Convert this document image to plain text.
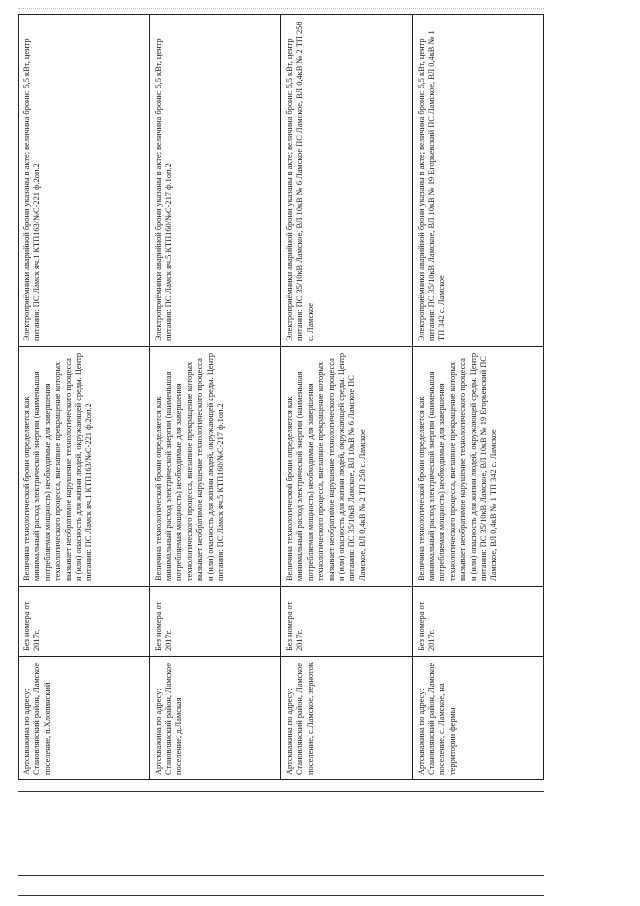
Артскважина по адресу: Становлянский район, Ламское поселение, п.Хлопинский
Без номера от 2017г.
Величина технологической брони определяется как минимальный расход электрической энергии (наименьшая потребляемая мощность) необходимые для завершения технологического процесса, внезапное прекращение которых вызывает необратимое нарушение технологического процесса и (или) опасность для жизни людей, окружающей среды. Центр питания: ПС Ламск яч.1 КТП163/№С-221 ф.2оп.2
Электроприёмники аварийной брони указаны в акте; величина брони: 5,5 кВт, центр питания: ПС Ламск яч.1 КТП163/№С-221 ф.2оп.2
Артскважина по адресу: Становлянский район, Ламское поселение, д.Ламская
Без номера от 2017г.
Величина технологической брони определяется как минимальный расход электрической энергии (наименьшая потребляемая мощность) необходимые для завершения технологического процесса, внезапное прекращение которых вызывает необратимое нарушение технологического процесса и (или) опасность для жизни людей, окружающей среды. Центр питания: ПС Ламск яч.5 КТП160/№С-217 ф.1оп.2
Электроприёмники аварийной брони указаны в акте; величина брони: 5,5 кВт, центр питания: ПС Ламск яч.5 КТП160/№С-217 ф.1оп.2
Артскважина по адресу: Становлянский район, Ламское поселение, с.Ламское, зерноток
Без номера от 2017г.
Величина технологической брони определяется как минимальный расход электрической энергии (наименьшая потребляемая мощность) необходимые для завершения технологического процесса, внезапное прекращение которых вызывает необратимое нарушение технологического процесса и (или) опасность для жизни людей, окружающей среды. Центр питания: ПС 35/10кВ Ламское, ВЛ 10кВ № 6 Ламское ПС Ламское, ВЛ 0,4кВ № 2 ТП 258 с. Ламское
Электроприёмники аварийной брони указаны в акте; величина брони: 5,5 кВт, центр питания: ПС 35/10кВ Ламское, ВЛ 10кВ № 6 Ламское ПС Ламское, ВЛ 0,4кВ № 2 ТП 258 с. Ламское
Артскважина по адресу: Становлянский район, Ламское поселение, с. Ламское, на территории фермы
Без номера от 2017г.
Величина технологической брони определяется как минимальный расход электрической энергии (наименьшая потребляемая мощность) необходимые для завершения технологического процесса, внезапное прекращение которых вызывает необратимое нарушение технологического процесса и (или) опасность для жизни людей, окружающей среды. Центр питания: ПС 35/10кВ Ламское, ВЛ 10кВ № 19 Егорьевский ПС Ламское, ВЛ 0,4кВ № 1 ТП 342 с. Ламское
Электроприёмники аварийной брони указаны в акте; величина брони: 5,5 кВт, центр питания: ПС 35/10кВ Ламское, ВЛ 10кВ № 19 Егорьевский ПС Ламское, ВЛ 0,4кВ № 1 ТП 342 с. Ламское
